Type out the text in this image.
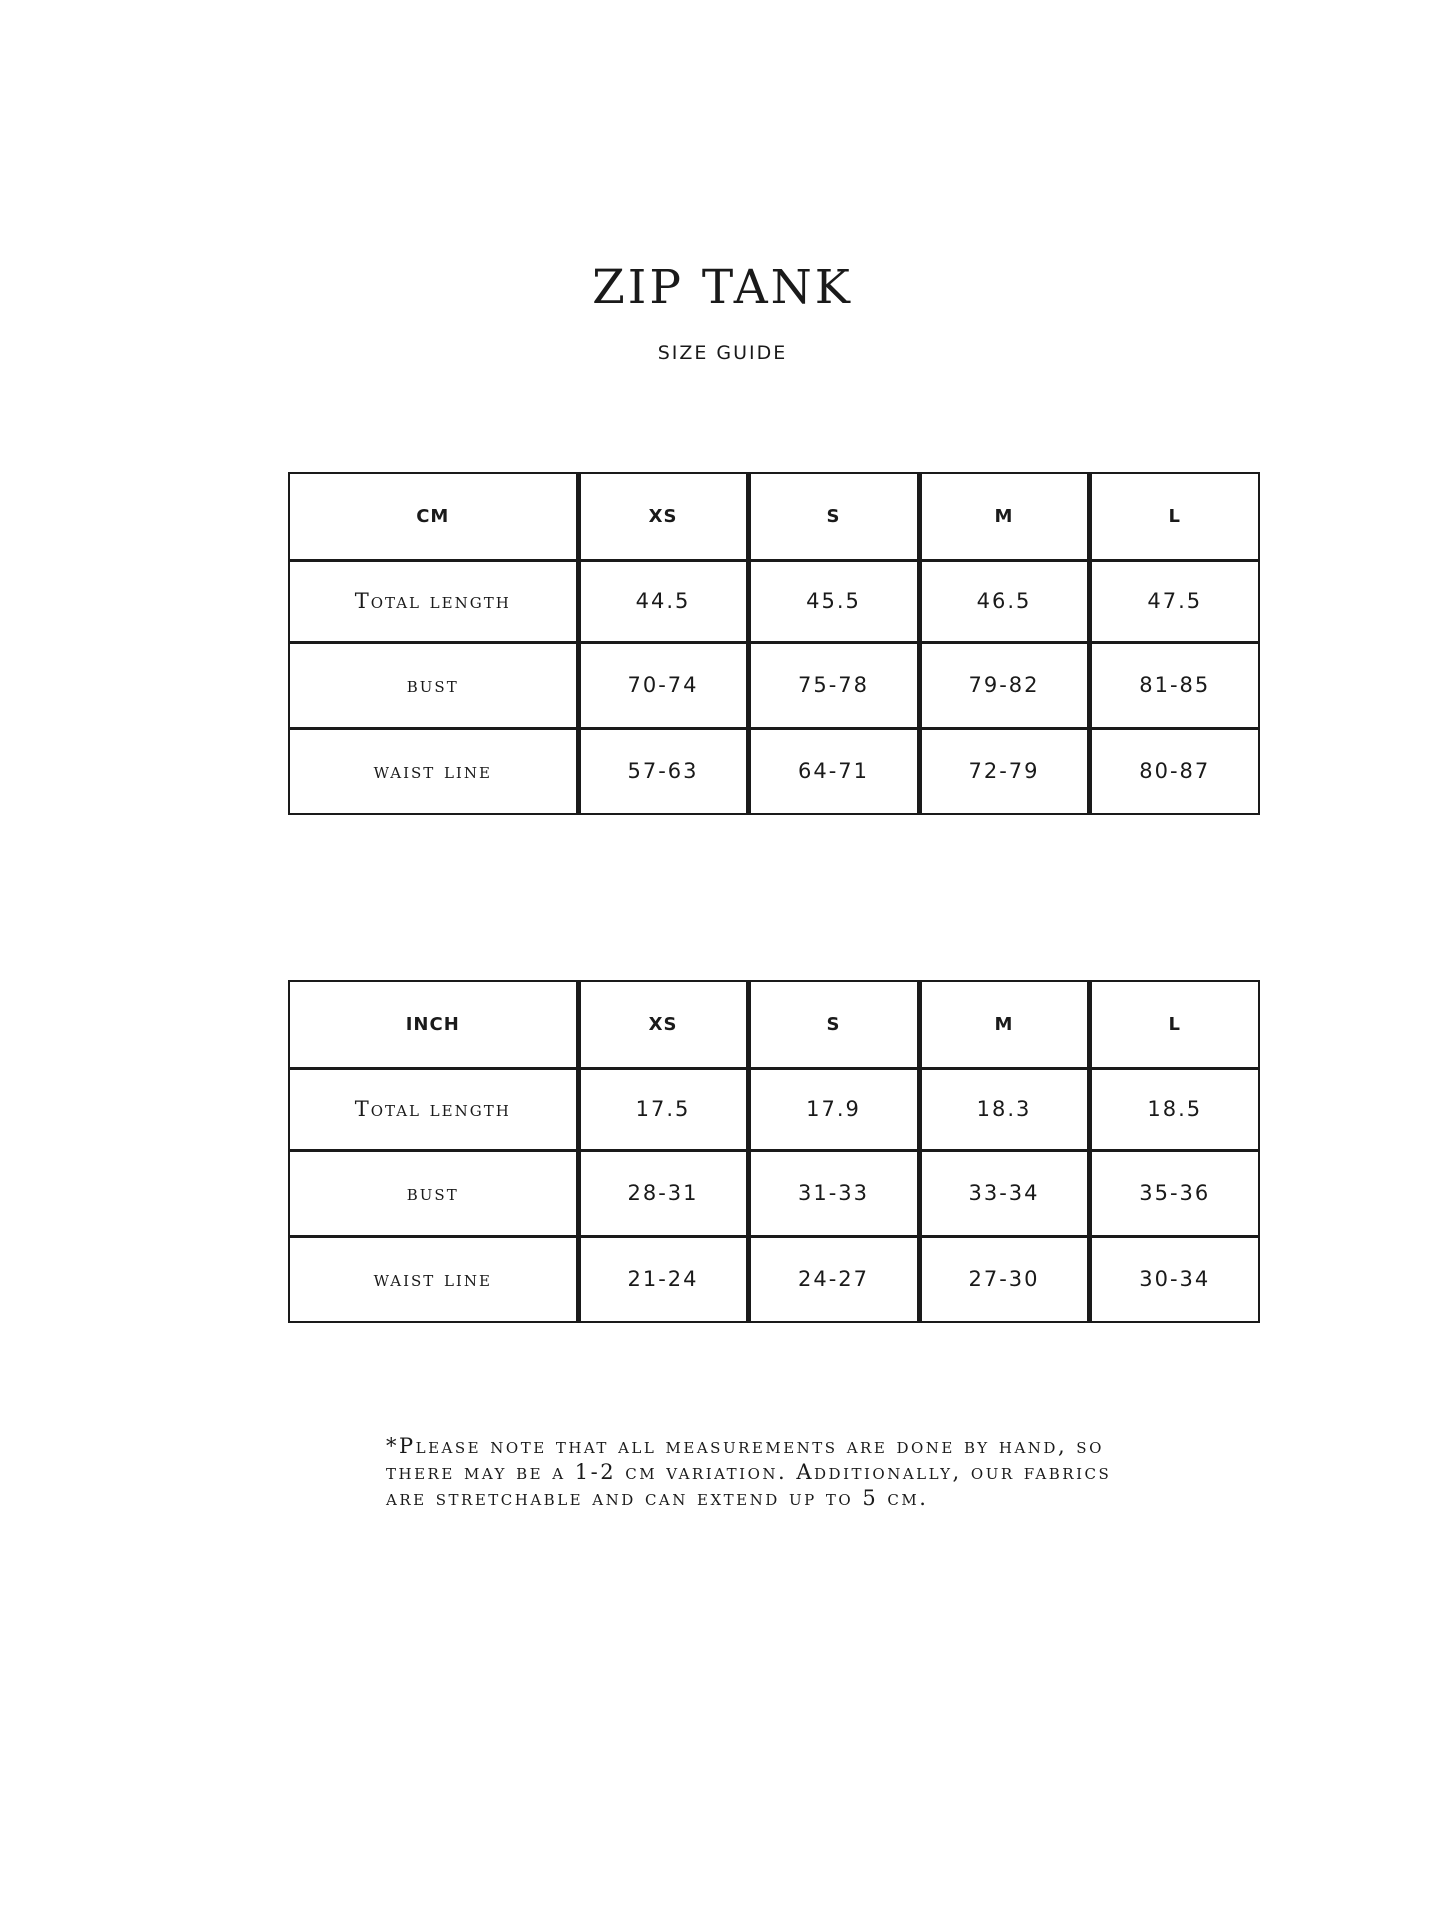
ZIP TANK
SIZE GUIDE
CM	XS	S	M	L
Total length	44.5	45.5	46.5	47.5
bust	70-74	75-78	79-82	81-85
waist line	57-63	64-71	72-79	80-87
INCH	XS	S	M	L
Total length	17.5	17.9	18.3	18.5
bust	28-31	31-33	33-34	35-36
waist line	21-24	24-27	27-30	30-34
*Please note that all measurements are done by hand, so
there may be a 1-2 cm variation. Additionally, our fabrics
are stretchable and can extend up to 5 cm.
